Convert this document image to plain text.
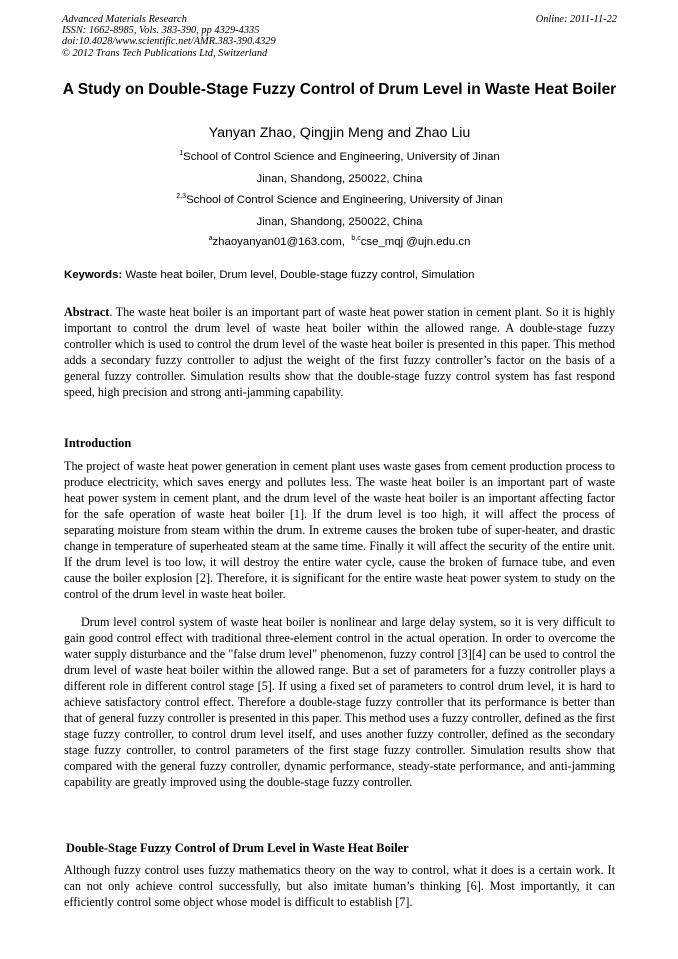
Advanced Materials Research	Online: 2011-11-22
ISSN: 1662-8985, Vols. 383-390, pp 4329-4335
doi:10.4028/www.scientific.net/AMR.383-390.4329
© 2012 Trans Tech Publications Ltd, Switzerland
A Study on Double-Stage Fuzzy Control of Drum Level in Waste Heat Boiler
Yanyan Zhao, Qingjin Meng and Zhao Liu
$^1$School of Control Science and Engineering, University of Jinan
Jinan, Shandong, 250022, China
$^{2,3}$School of Control Science and Engineering, University of Jinan
Jinan, Shandong, 250022, China
$^a$zhaoyanyan01@163.com, $^{b,c}$cse_mqj @ujn.edu.cn
Keywords: Waste heat boiler, Drum level, Double-stage fuzzy control, Simulation
Abstract. The waste heat boiler is an important part of waste heat power station in cement plant. So it is highly important to control the drum level of waste heat boiler within the allowed range. A double-stage fuzzy controller which is used to control the drum level of the waste heat boiler is presented in this paper. This method adds a secondary fuzzy controller to adjust the weight of the first fuzzy controller’s factor on the basis of a general fuzzy controller. Simulation results show that the double-stage fuzzy control system has fast respond speed, high precision and strong anti-jamming capability.
Introduction
The project of waste heat power generation in cement plant uses waste gases from cement production process to produce electricity, which saves energy and pollutes less. The waste heat boiler is an important part of waste heat power system in cement plant, and the drum level of the waste heat boiler is an important affecting factor for the safe operation of waste heat boiler [1]. If the drum level is too high, it will affect the process of separating moisture from steam within the drum. In extreme causes the broken tube of super-heater, and drastic change in temperature of superheated steam at the same time. Finally it will affect the security of the entire unit. If the drum level is too low, it will destroy the entire water cycle, cause the broken of furnace tube, and even cause the boiler explosion [2]. Therefore, it is significant for the entire waste heat power system to study on the control of the drum level in waste heat boiler.
Drum level control system of waste heat boiler is nonlinear and large delay system, so it is very difficult to gain good control effect with traditional three-element control in the actual operation. In order to overcome the water supply disturbance and the "false drum level" phenomenon, fuzzy control [3][4] can be used to control the drum level of waste heat boiler within the allowed range. But a set of parameters for a fuzzy controller plays a different role in different control stage [5]. If using a fixed set of parameters to control drum level, it is hard to achieve satisfactory control effect. Therefore a double-stage fuzzy controller that its performance is better than that of general fuzzy controller is presented in this paper. This method uses a fuzzy controller, defined as the first stage fuzzy controller, to control drum level itself, and uses another fuzzy controller, defined as the secondary stage fuzzy controller, to control parameters of the first stage fuzzy controller. Simulation results show that compared with the general fuzzy controller, dynamic performance, steady-state performance, and anti-jamming capability are greatly improved using the double-stage fuzzy controller.
Double-Stage Fuzzy Control of Drum Level in Waste Heat Boiler
Although fuzzy control uses fuzzy mathematics theory on the way to control, what it does is a certain work. It can not only achieve control successfully, but also imitate human’s thinking [6]. Most importantly, it can efficiently control some object whose model is difficult to establish [7].
